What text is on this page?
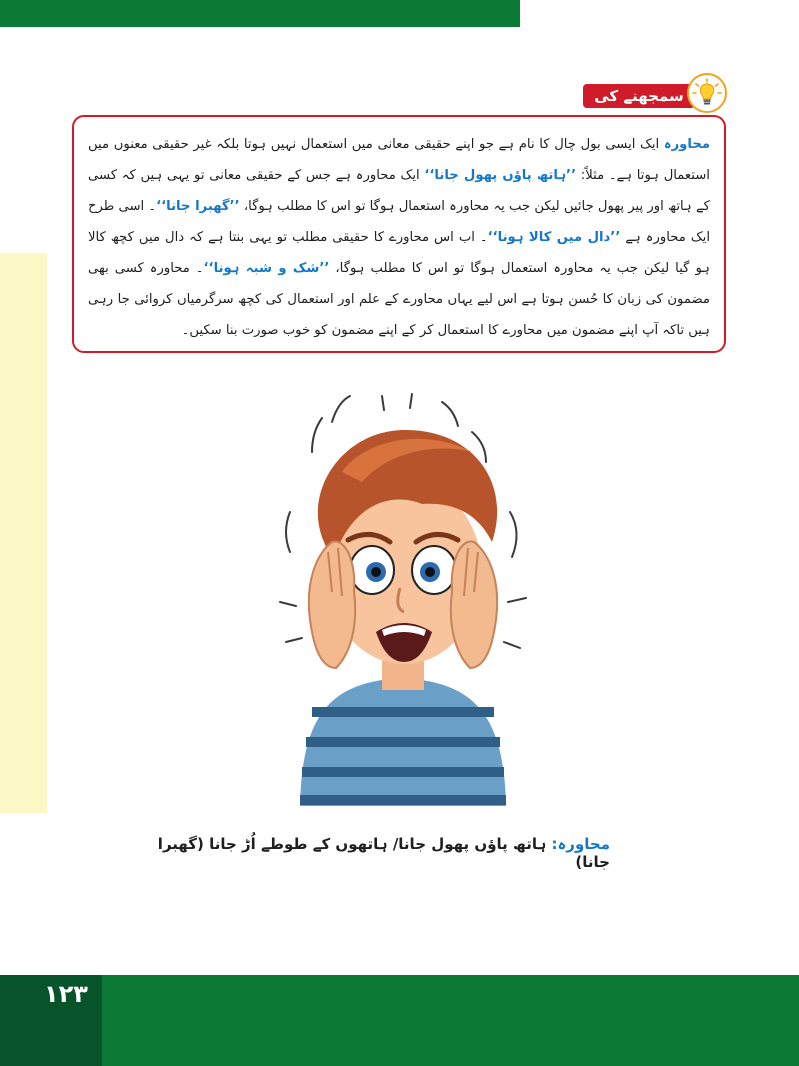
سمجھنے کی بات :

محاورہ ایک ایسی بول چال کا نام ہے جو اپنے حقیقی معانی میں استعمال نہیں ہوتا بلکہ غیر حقیقی معنوں میں استعمال ہوتا ہے۔ مثلاً: ’’ہاتھ پاؤں پھول جانا‘‘ ایک محاورہ ہے جس کے حقیقی معانی تو یہی ہیں کہ کسی کے ہاتھ اور پیر پھول جائیں لیکن جب یہ محاورہ استعمال ہوگا تو اس کا مطلب ہوگا، ’’گھبرا جانا‘‘۔ اسی طرح ایک محاورہ ہے ’’دال میں کالا ہونا‘‘۔ اب اس محاورے کا حقیقی مطلب تو یہی بنتا ہے کہ دال میں کچھ کالا ہو گیا لیکن جب یہ محاورہ استعمال ہوگا تو اس کا مطلب ہوگا، ’’شک و شبہ ہونا‘‘۔ محاورہ کسی بھی مضمون کی زبان کا حُسن ہوتا ہے اس لیے یہاں محاورے کے علم اور استعمال کی کچھ سرگرمیاں کروائی جا رہی ہیں تاکہ آپ اپنے مضمون میں محاورے کا استعمال کر کے اپنے مضمون کو خوب صورت بنا سکیں۔

محاورہ: ہاتھ پاؤں پھول جانا/ ہاتھوں کے طوطے اُڑ جانا (گھبرا جانا)
۱۲۳
